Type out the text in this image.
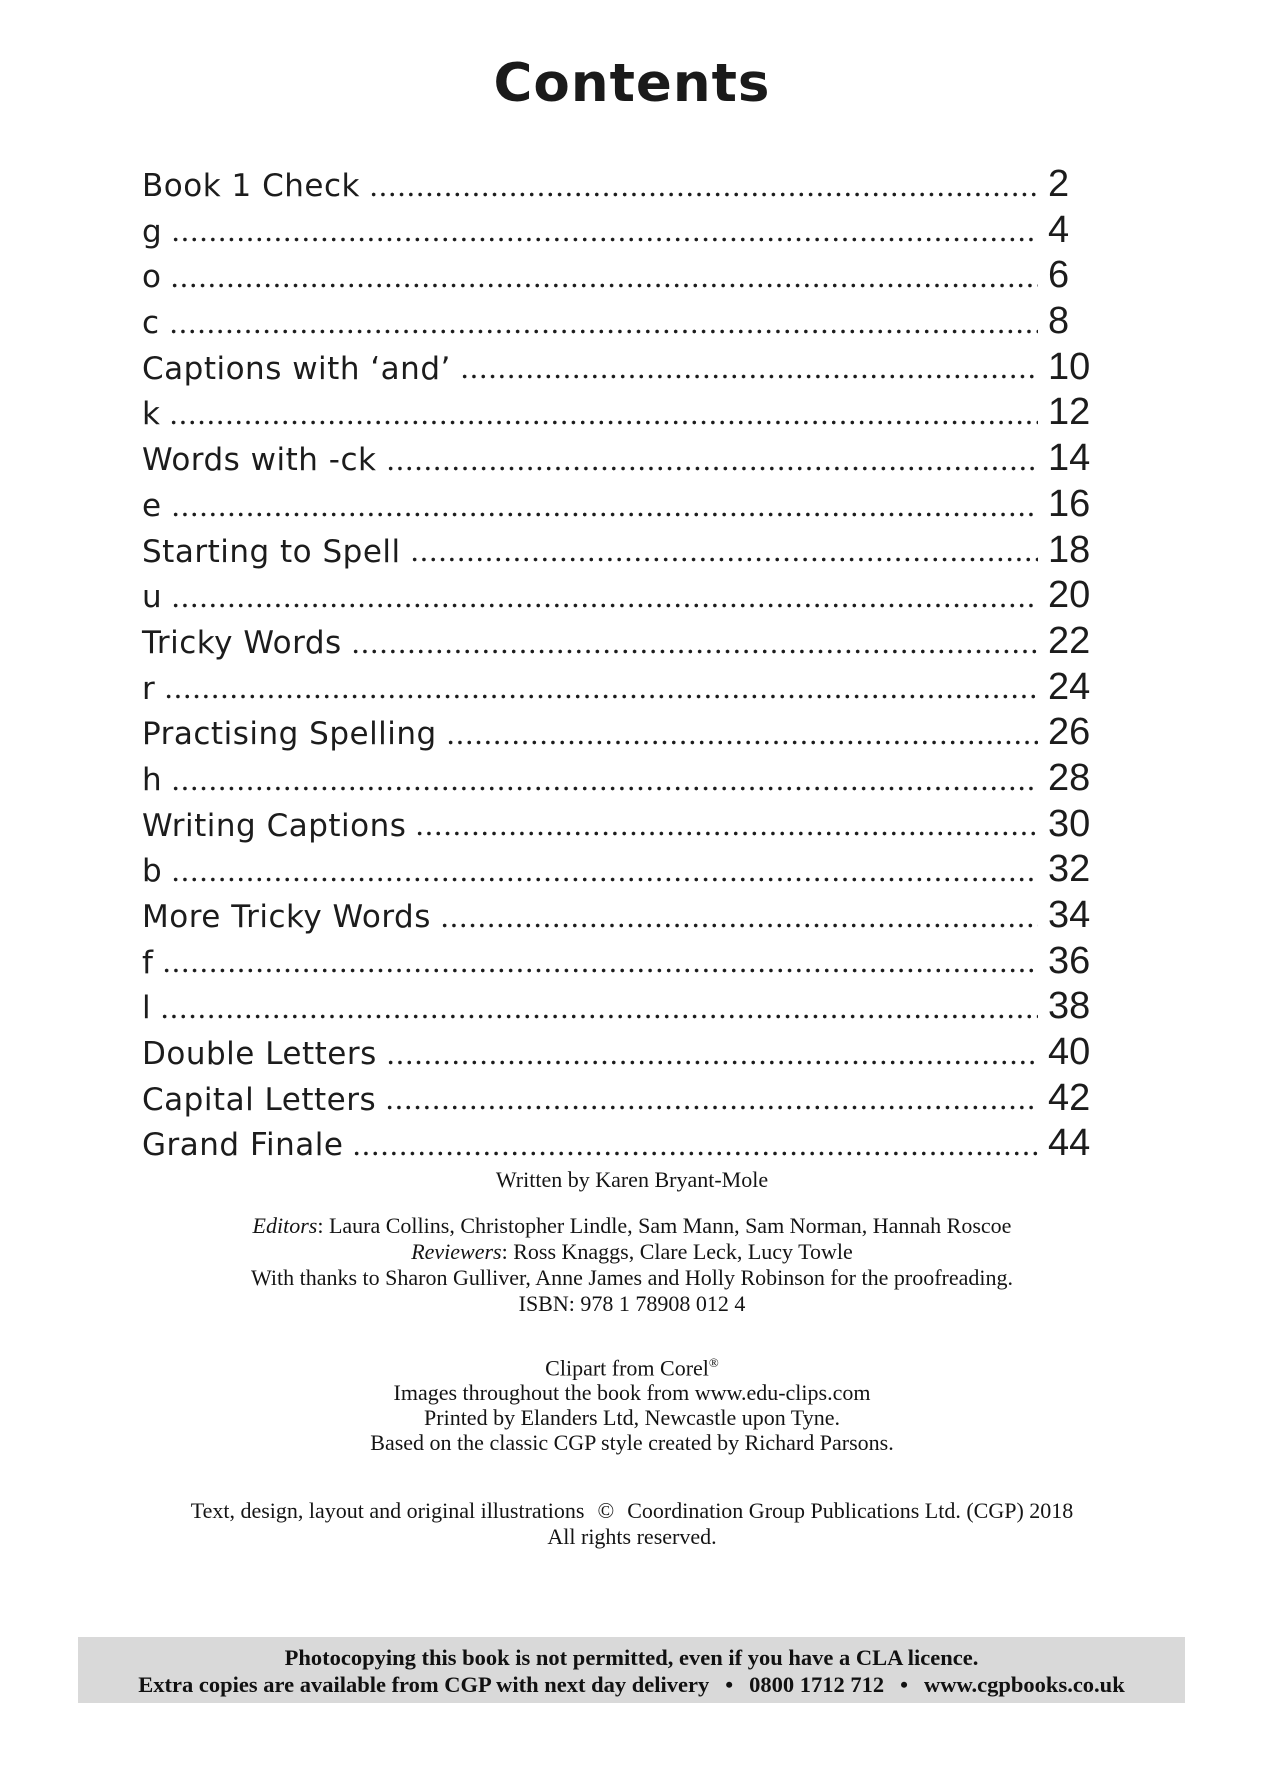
Contents
Book 1 Check	2
g	4
o	6
c	8
Captions with ‘and’	10
k	12
Words with -ck	14
e	16
Starting to Spell	18
u	20
Tricky Words	22
r	24
Practising Spelling	26
h	28
Writing Captions	30
b	32
More Tricky Words	34
f	36
l	38
Double Letters	40
Capital Letters	42
Grand Finale	44

Written by Karen Bryant-Mole

Editors: Laura Collins, Christopher Lindle, Sam Mann, Sam Norman, Hannah Roscoe

Reviewers: Ross Knaggs, Clare Leck, Lucy Towle

With thanks to Sharon Gulliver, Anne James and Holly Robinson for the proofreading.

ISBN: 978 1 78908 012 4

Clipart from Corel®

Images throughout the book from www.edu-clips.com

Printed by Elanders Ltd, Newcastle upon Tyne.

Based on the classic CGP style created by Richard Parsons.

Text, design, layout and original illustrations © Coordination Group Publications Ltd. (CGP) 2018

All rights reserved.

Photocopying this book is not permitted, even if you have a CLA licence.

Extra copies are available from CGP with next day delivery • 0800 1712 712 • www.cgpbooks.co.uk
